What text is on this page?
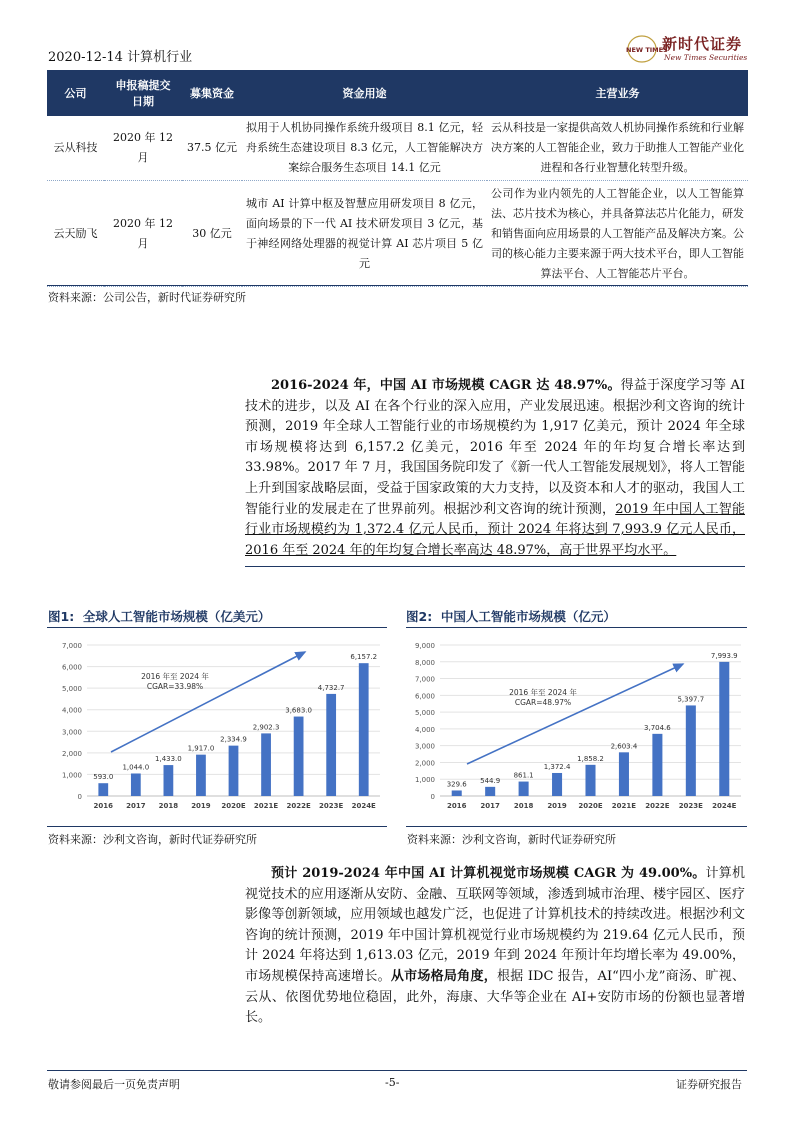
2020-12-14 计算机行业	NEW TIMES
新时代证券
New Times Securities
公司	申报稿提交日期	募集资金	资金用途	主营业务
云从科技	2020 年 12 月	37.5 亿元	拟用于人机协同操作系统升级项目 8.1 亿元，轻舟系统生态建设项目 8.3 亿元，人工智能解决方案综合服务生态项目 14.1 亿元	云从科技是一家提供高效人机协同操作系统和行业解决方案的人工智能企业，致力于助推人工智能产业化进程和各行业智慧化转型升级。
云天励飞	2020 年 12 月	30 亿元	城市 AI 计算中枢及智慧应用研发项目 8 亿元，面向场景的下一代 AI 技术研发项目 3 亿元，基于神经网络处理器的视觉计算 AI 芯片项目 5 亿元	公司作为业内领先的人工智能企业，以人工智能算法、芯片技术为核心，并具备算法芯片化能力，研发和销售面向应用场景的人工智能产品及解决方案。公司的核心能力主要来源于两大技术平台，即人工智能算法平台、人工智能芯片平台。
资料来源：公司公告，新时代证券研究所
2016-2024 年，中国 AI 市场规模 CAGR 达 48.97%。得益于深度学习等 AI 技术的进步，以及 AI 在各个行业的深入应用，产业发展迅速。根据沙利文咨询的统计预测，2019 年全球人工智能行业的市场规模约为 1,917 亿美元，预计 2024 年全球市场规模将达到 6,157.2 亿美元，2016 年至 2024 年的年均复合增长率达到 33.98%。2017 年 7 月，我国国务院印发了《新一代人工智能发展规划》，将人工智能上升到国家战略层面，受益于国家政策的大力支持，以及资本和人才的驱动，我国人工智能行业的发展走在了世界前列。根据沙利文咨询的统计预测，2019 年中国人工智能行业市场规模约为 1,372.4 亿元人民币，预计 2024 年将达到 7,993.9 亿元人民币，2016 年至 2024 年的年均复合增长率高达 48.97%，高于世界平均水平。
图1: 全球人工智能市场规模（亿美元）	图2: 中国人工智能市场规模（亿元）
0
1,000
2,000
3,000
4,000
5,000
6,000
7,000
593.0
2016
1,044.0
2017
1,433.0
2018
1,917.0
2019
2,334.9
2020E
2,902.3
2021E
3,683.0
2022E
4,732.7
2023E
6,157.2
2024E
2016 年至 2024 年
CGAR=33.98%
0
1,000
2,000
3,000
4,000
5,000
6,000
7,000
8,000
9,000
329.6
2016
544.9
2017
861.1
2018
1,372.4
2019
1,858.2
2020E
2,603.4
2021E
3,704.6
2022E
5,397.7
2023E
7,993.9
2024E
2016 年至 2024 年
CGAR=48.97%
资料来源：沙利文咨询，新时代证券研究所	资料来源：沙利文咨询，新时代证券研究所
预计 2019-2024 年中国 AI 计算机视觉市场规模 CAGR 为 49.00%。计算机视觉技术的应用逐渐从安防、金融、互联网等领域，渗透到城市治理、楼宇园区、医疗影像等创新领域，应用领域也越发广泛，也促进了计算机技术的持续改进。根据沙利文咨询的统计预测，2019 年中国计算机视觉行业市场规模约为 219.64 亿元人民币，预计 2024 年将达到 1,613.03 亿元，2019 年到 2024 年预计年均增长率为 49.00%，市场规模保持高速增长。从市场格局角度，根据 IDC 报告，AI“四小龙”商汤、旷视、云从、依图优势地位稳固，此外，海康、大华等企业在 AI+安防市场的份额也显著增长。
敬请参阅最后一页免责声明	-5-	证券研究报告
